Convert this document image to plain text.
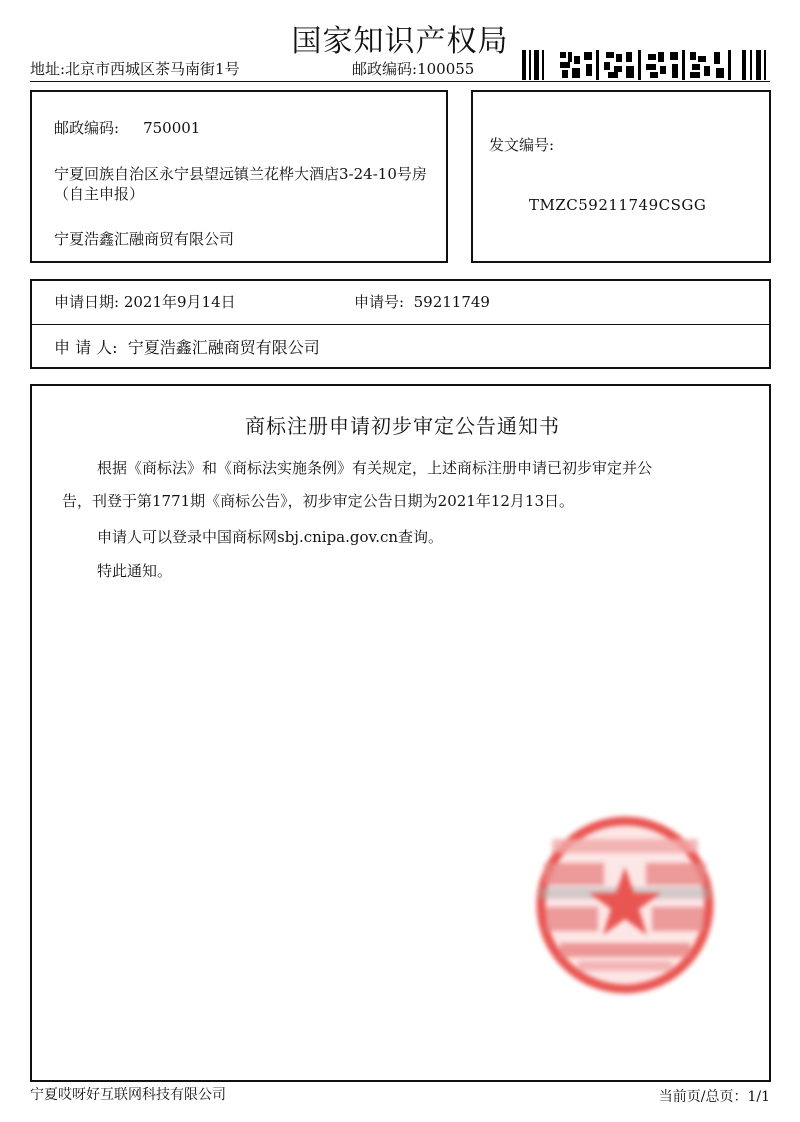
国家知识产权局
地址:北京市西城区茶马南街1号	邮政编码:100055
邮政编码: 750001
宁夏回族自治区永宁县望远镇兰花桦大酒店3-24-10号房（自主申报）
宁夏浩鑫汇融商贸有限公司
发文编号:
TMZC59211749CSGG
申请日期: 2021年9月14日	申请号: 59211749
申 请 人: 宁夏浩鑫汇融商贸有限公司
商标注册申请初步审定公告通知书
根据《商标法》和《商标法实施条例》有关规定，上述商标注册申请已初步审定并公

告，刊登于第1771期《商标公告》，初步审定公告日期为2021年12月13日。
申请人可以登录中国商标网sbj.cnipa.gov.cn查询。
特此通知。
宁夏哎呀好互联网科技有限公司	当前页/总页：1/1
